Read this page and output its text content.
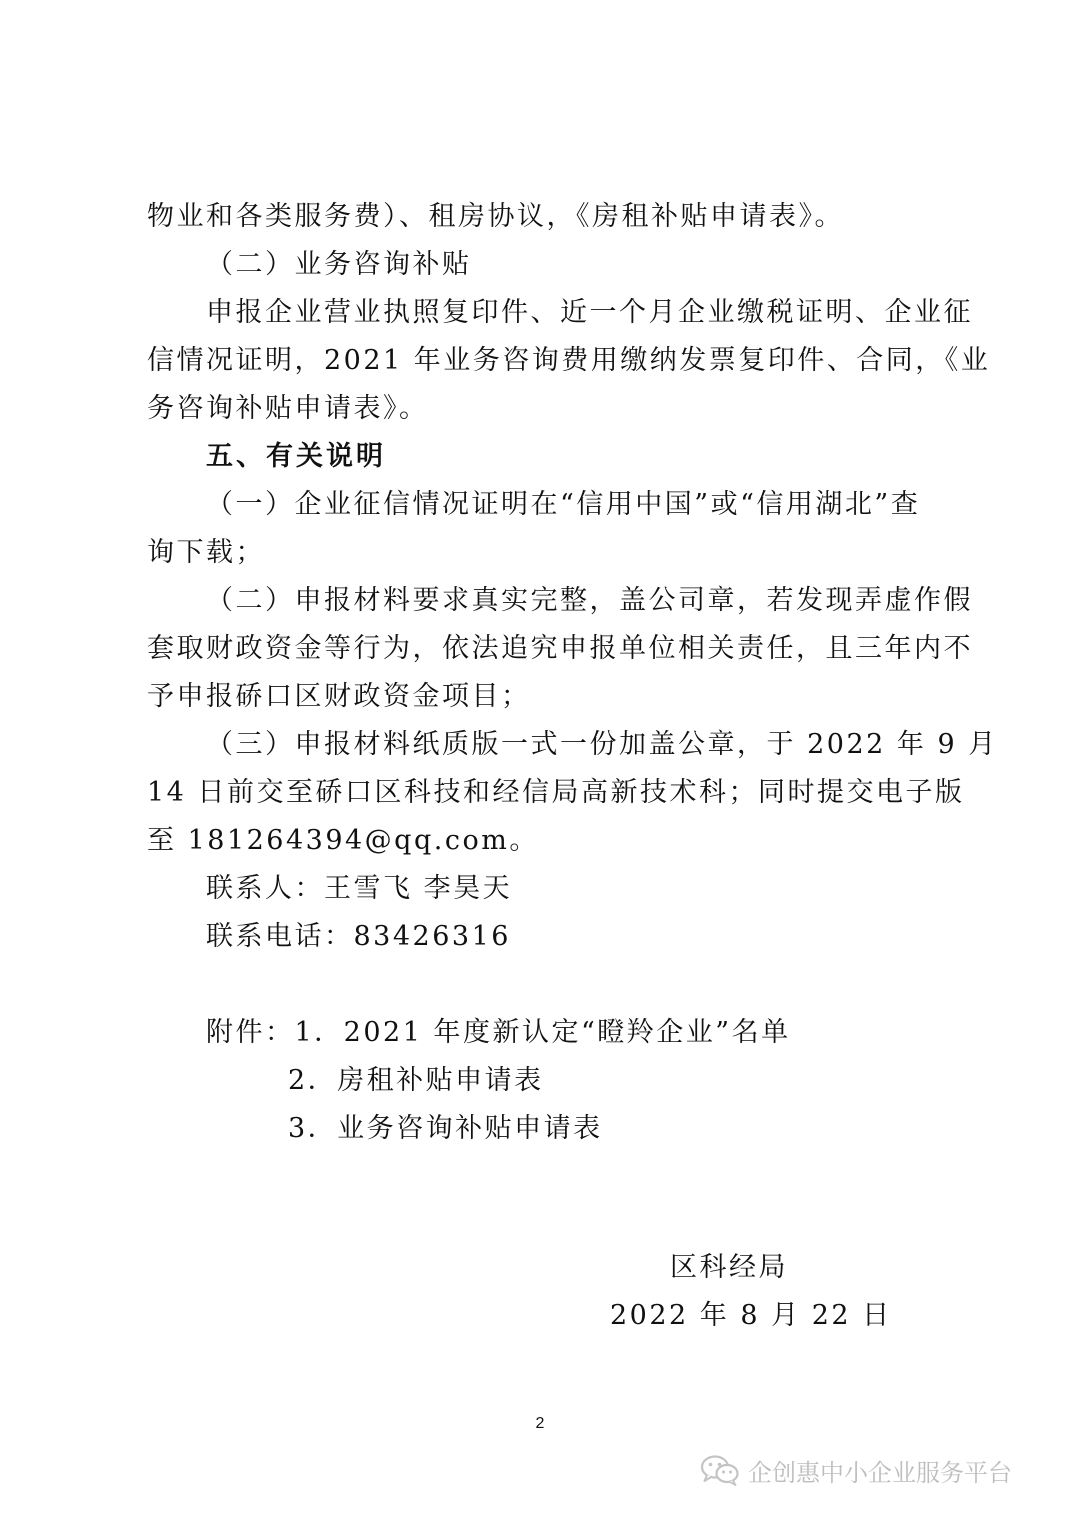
物业和各类服务费）、租房协议，《房租补贴申请表》。
（二）业务咨询补贴
申报企业营业执照复印件、近一个月企业缴税证明、企业征
信情况证明，2021 年业务咨询费用缴纳发票复印件、合同，《业
务咨询补贴申请表》。
五、有关说明
（一）企业征信情况证明在“信用中国”或“信用湖北”查
询下载；
（二）申报材料要求真实完整，盖公司章，若发现弄虚作假
套取财政资金等行为，依法追究申报单位相关责任，且三年内不
予申报硚口区财政资金项目；
（三）申报材料纸质版一式一份加盖公章，于 2022 年 9 月
14 日前交至硚口区科技和经信局高新技术科；同时提交电子版
至 181264394@qq.com。
联系人：王雪飞 李昊天
联系电话：83426316
附件：1．2021 年度新认定“瞪羚企业”名单
2．房租补贴申请表
3．业务咨询补贴申请表
区科经局
2022 年 8 月 22 日
2
企创惠中小企业服务平台
